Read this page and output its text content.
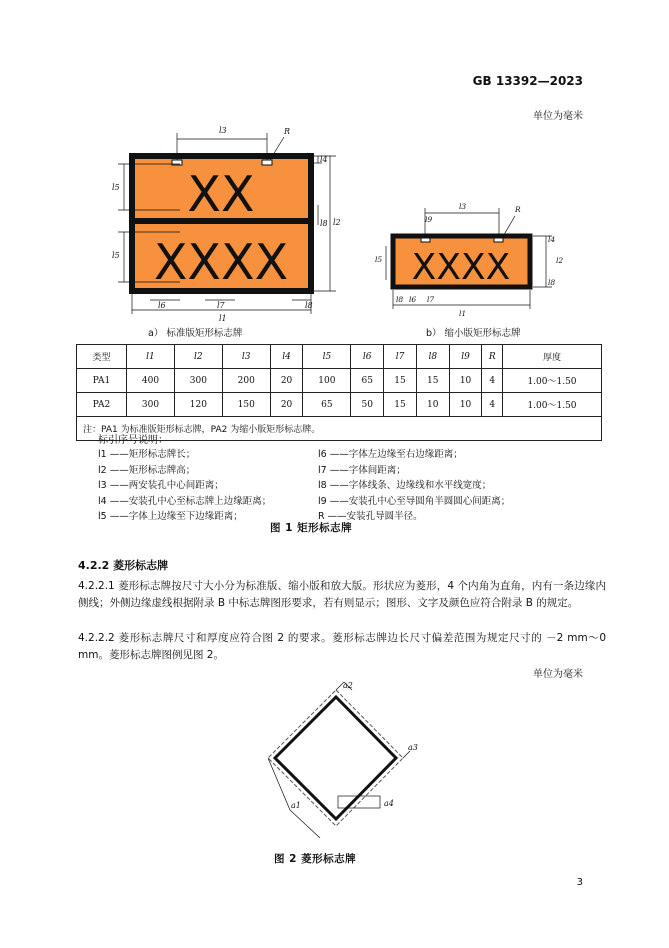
GB 13392—2023
单位为毫米
XX
XXXX
l3	R
l5
l5
l4
l2
l8
l6	l7	l8
l1
XXXX
l3	R
l9
l5
l4
l2
l8
l8 l6 l7
l1
a） 标准版矩形标志牌	b） 缩小版矩形标志牌
类型	l1	l2	l3	l4	l5	l6	l7	l8	l9	R	厚度
PA1	400	300	200	20	100	65	15	15	10	4	1.00～1.50
PA2	300	120	150	20	65	50	15	10	10	4	1.00～1.50
注：PA1 为标准版矩形标志牌，PA2 为缩小版矩形标志牌。											
标引序号说明：
l1 ——矩形标志牌长；
l2 ——矩形标志牌高；
l3 ——两安装孔中心间距离；
l4 ——安装孔中心至标志牌上边缘距离；
l5 ——字体上边缘至下边缘距离；
l6 ——字体左边缘至右边缘距离；
l7 ——字体间距离；
l8 ——字体线条、边缘线和水平线宽度；
l9 ——安装孔中心至导圆角半圆圆心间距离；
R ——安装孔导圆半径。
图 1 矩形标志牌
4.2.2 菱形标志牌
4.2.2.1 菱形标志牌按尺寸大小分为标准版、缩小版和放大版。形状应为菱形，4 个内角为直角，内有一条边缘内侧线；外侧边缘虚线根据附录 B 中标志牌图形要求，若有则显示；图形、文字及颜色应符合附录 B 的规定。
4.2.2.2 菱形标志牌尺寸和厚度应符合图 2 的要求。菱形标志牌边长尺寸偏差范围为规定尺寸的 －2 mm～0 mm。菱形标志牌图例见图 2。
单位为毫米
a2
a3
a1	a4
图 2 菱形标志牌
3
